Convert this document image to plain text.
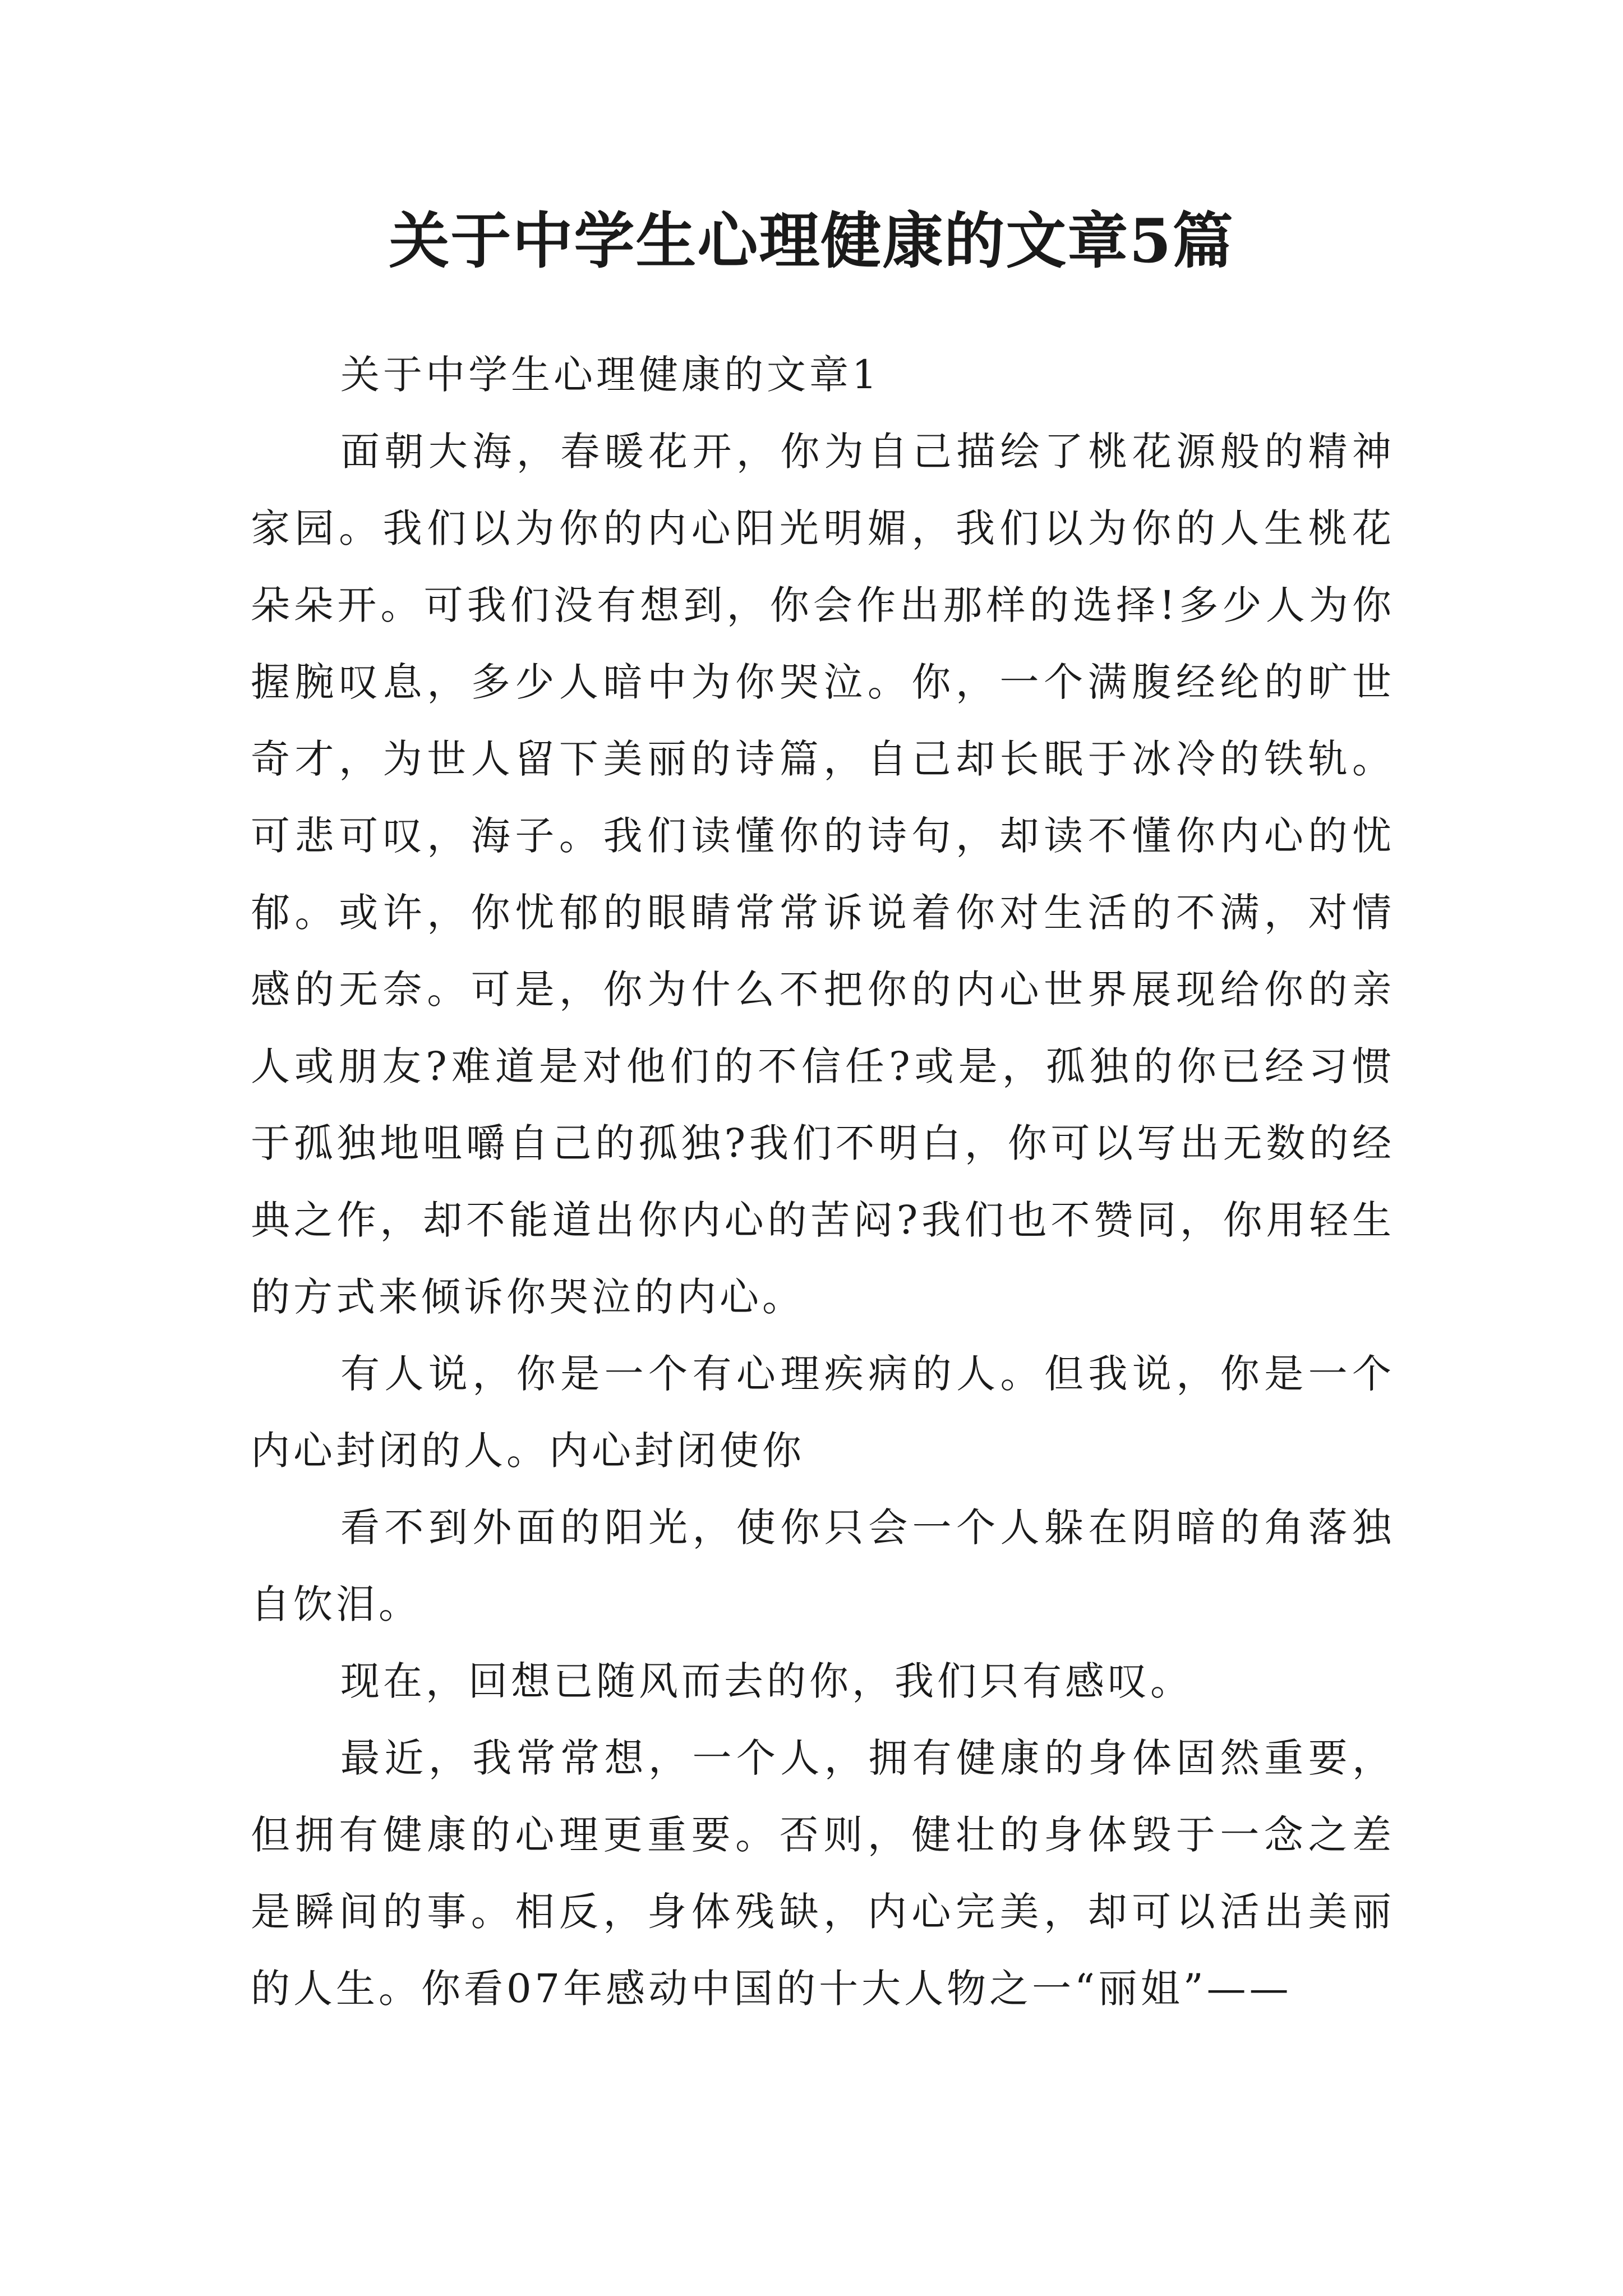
关于中学生心理健康的文章5篇

关于中学生心理健康的文章1

面朝大海，春暖花开，你为自己描绘了桃花源般的精神家园。我们以为你的内心阳光明媚，我们以为你的人生桃花朵朵开。可我们没有想到，你会作出那样的选择!多少人为你握腕叹息，多少人暗中为你哭泣。你，一个满腹经纶的旷世奇才，为世人留下美丽的诗篇，自己却长眠于冰冷的铁轨。可悲可叹，海子。我们读懂你的诗句，却读不懂你内心的忧郁。或许，你忧郁的眼睛常常诉说着你对生活的不满，对情感的无奈。可是，你为什么不把你的内心世界展现给你的亲人或朋友?难道是对他们的不信任?或是，孤独的你已经习惯于孤独地咀嚼自己的孤独?我们不明白，你可以写出无数的经典之作，却不能道出你内心的苦闷?我们也不赞同，你用轻生的方式来倾诉你哭泣的内心。

有人说，你是一个有心理疾病的人。但我说，你是一个内心封闭的人。内心封闭使你

看不到外面的阳光，使你只会一个人躲在阴暗的角落独自饮泪。

现在，回想已随风而去的你，我们只有感叹。

最近，我常常想，一个人，拥有健康的身体固然重要，但拥有健康的心理更重要。否则，健壮的身体毁于一念之差是瞬间的事。相反，身体残缺，内心完美，却可以活出美丽的人生。你看07年感动中国的十大人物之一“丽姐”——
